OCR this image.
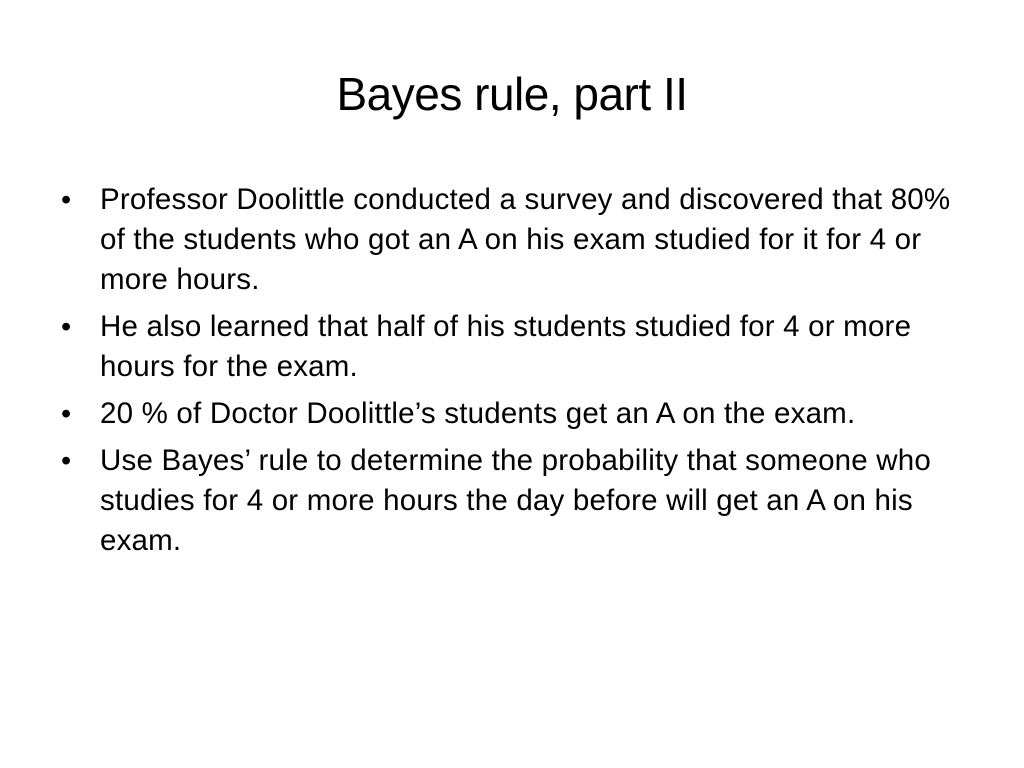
Bayes rule, part II
• Professor Doolittle conducted a survey and discovered that 80% of the students who got an A on his exam studied for it for 4 or more hours.
• He also learned that half of his students studied for 4 or more hours for the exam.
• 20 % of Doctor Doolittle’s students get an A on the exam.
• Use Bayes’ rule to determine the probability that someone who studies for 4 or more hours the day before will get an A on his exam.
